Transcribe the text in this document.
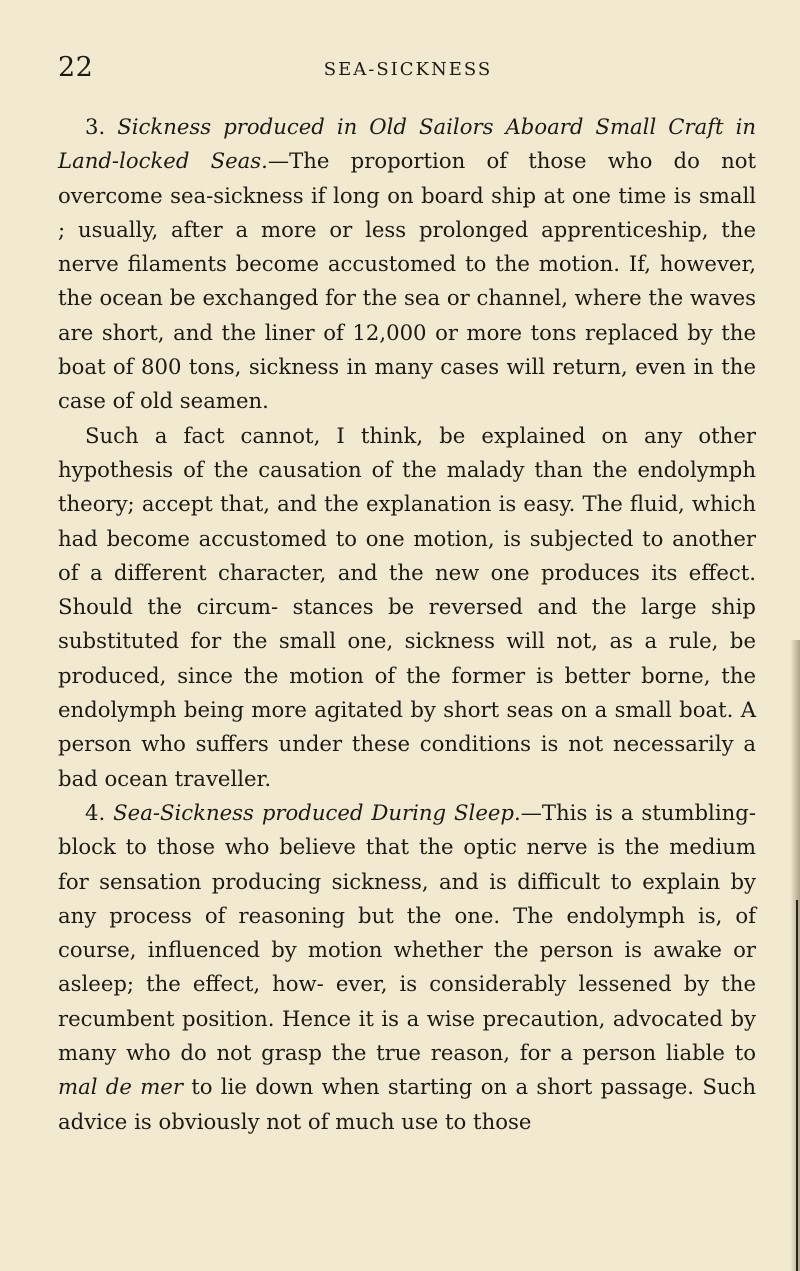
22	SEA-SICKNESS

3. Sickness produced in Old Sailors Aboard Small Craft in Land-locked Seas.—The proportion of those who do not overcome sea-sickness if long on board ship at one time is small ; usually, after a more or less prolonged apprenticeship, the nerve filaments become accustomed to the motion. If, however, the ocean be exchanged for the sea or channel, where the waves are short, and the liner of 12,000 or more tons replaced by the boat of 800 tons, sickness in many cases will return, even in the case of old seamen.

Such a fact cannot, I think, be explained on any other hypothesis of the causation of the malady than the endolymph theory; accept that, and the explanation is easy. The fluid, which had become accustomed to one motion, is subjected to another of a different character, and the new one produces its effect. Should the circum- stances be reversed and the large ship substituted for the small one, sickness will not, as a rule, be produced, since the motion of the former is better borne, the endolymph being more agitated by short seas on a small boat. A person who suffers under these conditions is not necessarily a bad ocean traveller.

4. Sea-Sickness produced During Sleep.—This is a stumbling-block to those who believe that the optic nerve is the medium for sensation producing sickness, and is difficult to explain by any process of reasoning but the one. The endolymph is, of course, influenced by motion whether the person is awake or asleep; the effect, how- ever, is considerably lessened by the recumbent position. Hence it is a wise precaution, advocated by many who do not grasp the true reason, for a person liable to mal de mer to lie down when starting on a short passage. Such advice is obviously not of much use to those
